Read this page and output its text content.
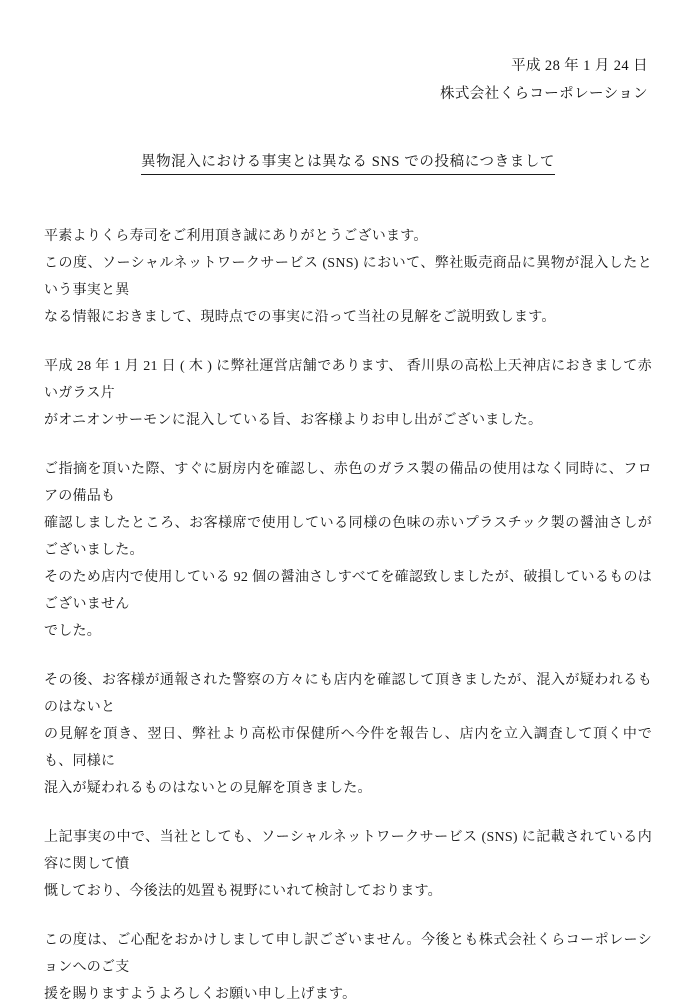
平成 28 年 1 月 24 日
株式会社くらコーポレーション
異物混入における事実とは異なる SNS での投稿につきまして

平素よりくら寿司をご利用頂き誠にありがとうございます。
この度、ソーシャルネットワークサービス (SNS) において、弊社販売商品に異物が混入したという事実と異
なる情報におきまして、現時点での事実に沿って当社の見解をご説明致します。

平成 28 年 1 月 21 日 ( 木 ) に弊社運営店舗であります、 香川県の高松上天神店におきまして赤いガラス片
がオニオンサーモンに混入している旨、お客様よりお申し出がございました。

ご指摘を頂いた際、すぐに厨房内を確認し、赤色のガラス製の備品の使用はなく同時に、フロアの備品も
確認しましたところ、お客様席で使用している同様の色味の赤いプラスチック製の醤油さしがございました。
そのため店内で使用している 92 個の醤油さしすべてを確認致しましたが、破損しているものはございません
でした。

その後、お客様が通報された警察の方々にも店内を確認して頂きましたが、混入が疑われるものはないと
の見解を頂き、翌日、弊社より高松市保健所へ今件を報告し、店内を立入調査して頂く中でも、同様に
混入が疑われるものはないとの見解を頂きました。

上記事実の中で、当社としても、ソーシャルネットワークサービス (SNS) に記載されている内容に関して憤
慨しており、今後法的処置も視野にいれて検討しております。

この度は、ご心配をおかけしまして申し訳ございません。今後とも株式会社くらコーポレーションへのご支
援を賜りますようよろしくお願い申し上げます。
